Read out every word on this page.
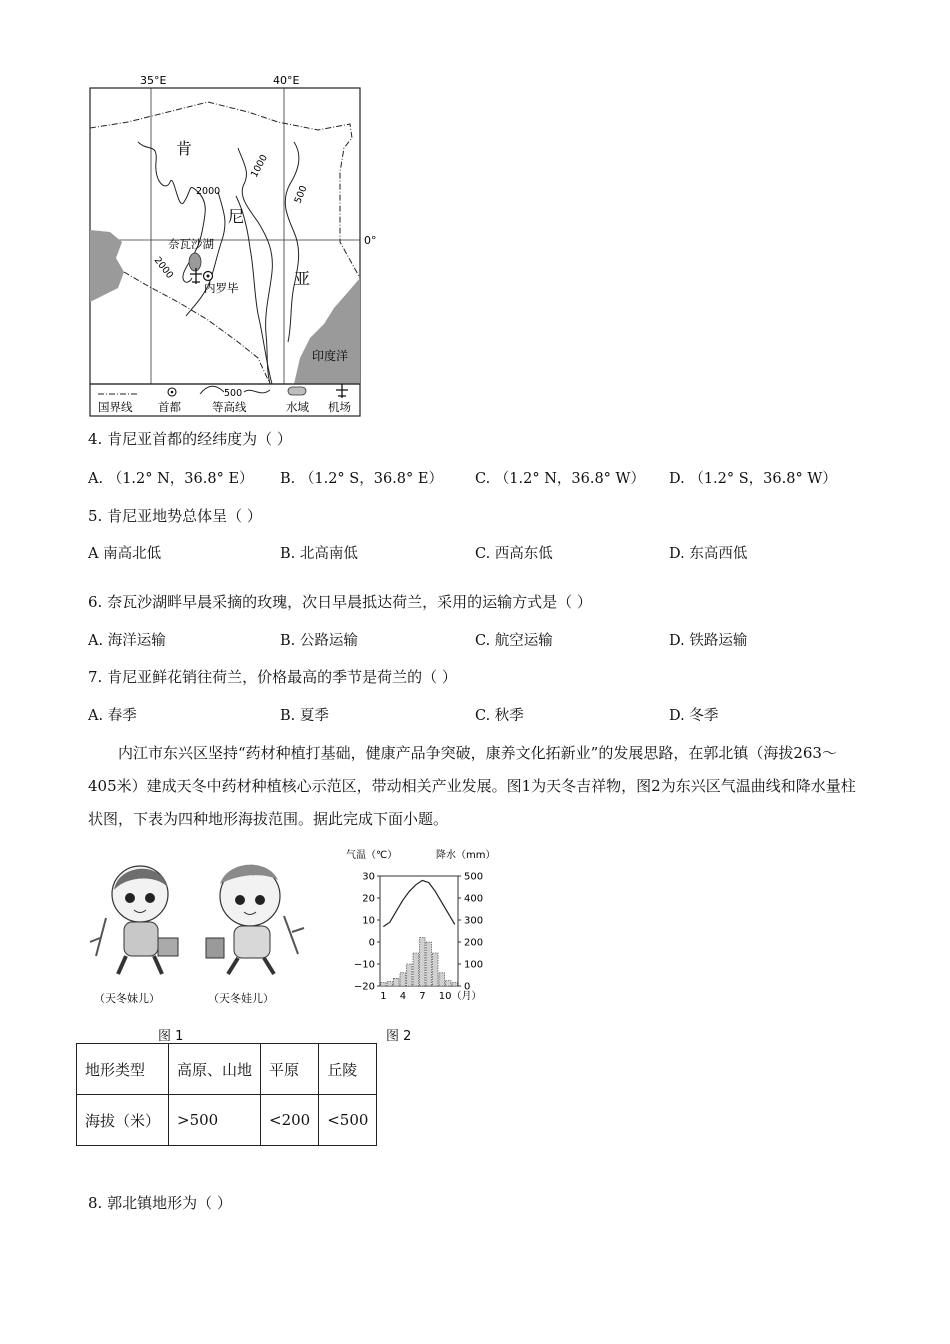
35°E	40°E
0°
印度洋
2000
1000
500
2000
肯
尼
亚
奈瓦沙湖
内罗毕
国界线 首都
500
等高线	水域 机场
4. 肯尼亚首都的经纬度为（ ）
A. （1.2° N，36.8° E） B. （1.2° S，36.8° E） C. （1.2° N，36.8° W） D. （1.2° S，36.8° W）
5. 肯尼亚地势总体呈（ ）
A 南高北低	B. 北高南低	C. 西高东低	D. 东高西低
6. 奈瓦沙湖畔早晨采摘的玫瑰，次日早晨抵达荷兰，采用的运输方式是（ ）
A. 海洋运输	B. 公路运输	C. 航空运输	D. 铁路运输
7. 肯尼亚鲜花销往荷兰，价格最高的季节是荷兰的（ ）
A. 春季	B. 夏季	C. 秋季	D. 冬季
内江市东兴区坚持“药材种植打基础，健康产品争突破，康养文化拓新业”的发展思路，在郭北镇（海拔263～405米）建成天冬中药材种植核心示范区，带动相关产业发展。图1为天冬吉祥物，图2为东兴区气温曲线和降水量柱状图，下表为四种地形海拔范围。据此完成下面小题。
（天冬妹儿）	（天冬娃儿）
图 1
气温（℃）	降水（mm）
30
20
10
0
−10
−20
500
400
300
200
100
0
1 4 7 10（月）
图 2
地形类型	高原、山地	平原	丘陵
海拔（米）	>500	<200	<500
8. 郭北镇地形为（ ）
